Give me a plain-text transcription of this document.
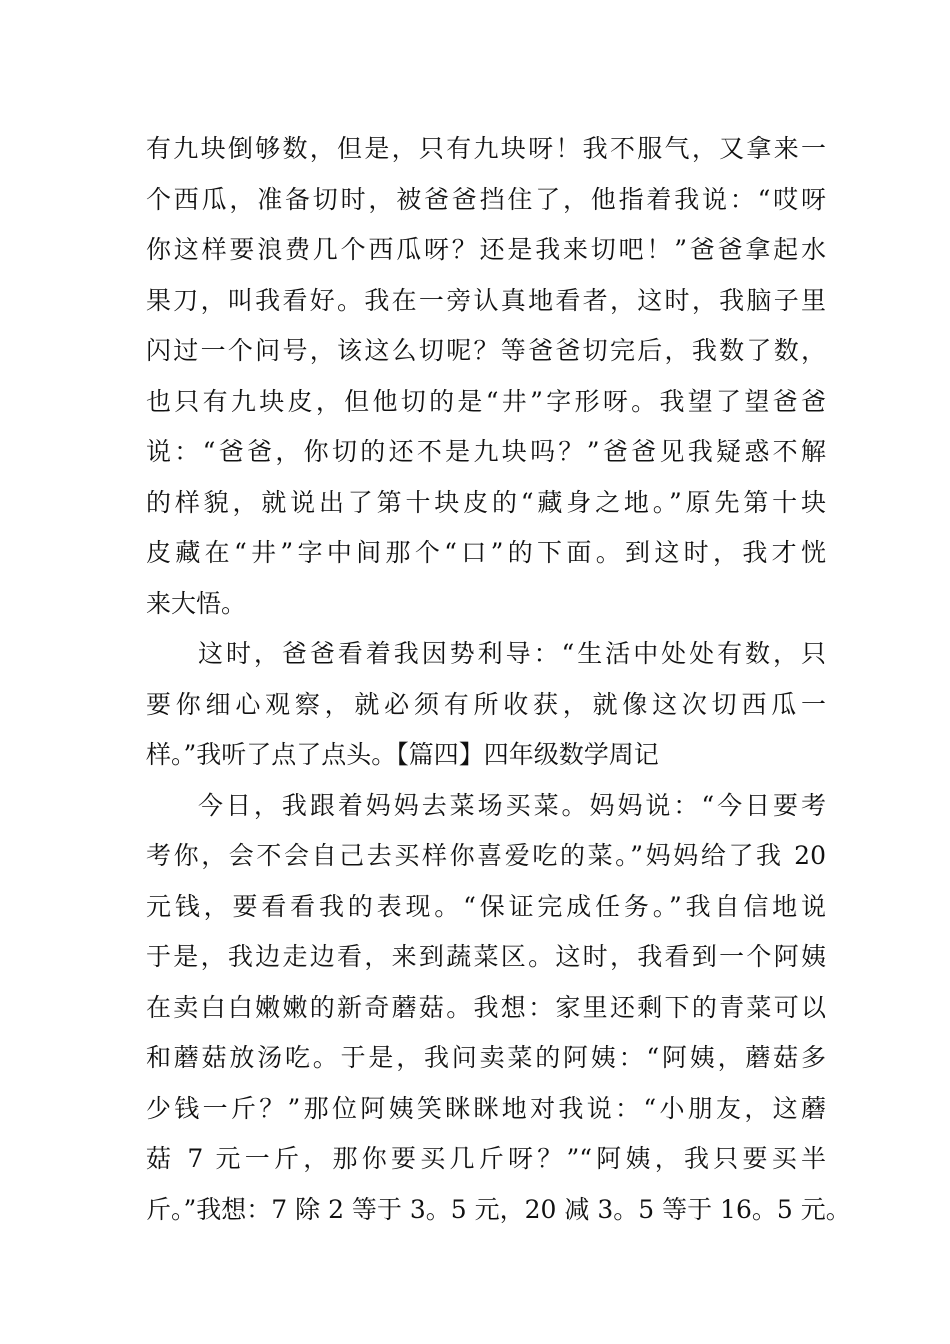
有九块倒够数，但是，只有九块呀！我不服气，又拿来一
个西瓜，准备切时，被爸爸挡住了，他指着我说：“哎呀
你这样要浪费几个西瓜呀？还是我来切吧！”爸爸拿起水
果刀，叫我看好。我在一旁认真地看者，这时，我脑子里
闪过一个问号，该这么切呢？等爸爸切完后，我数了数，
也只有九块皮，但他切的是“井”字形呀。我望了望爸爸
说：“爸爸，你切的还不是九块吗？”爸爸见我疑惑不解
的样貌，就说出了第十块皮的“藏身之地。”原先第十块
皮藏在“井”字中间那个“口”的下面。到这时，我才恍
来大悟。
这时，爸爸看着我因势利导：“生活中处处有数，只
要你细心观察，就必须有所收获，就像这次切西瓜一
样。”我听了点了点头。【篇四】四年级数学周记
今日，我跟着妈妈去菜场买菜。妈妈说：“今日要考
考你，会不会自己去买样你喜爱吃的菜。”妈妈给了我 20
元钱，要看看我的表现。“保证完成任务。”我自信地说
于是，我边走边看，来到蔬菜区。这时，我看到一个阿姨
在卖白白嫩嫩的新奇蘑菇。我想：家里还剩下的青菜可以
和蘑菇放汤吃。于是，我问卖菜的阿姨：“阿姨，蘑菇多
少钱一斤？”那位阿姨笑眯眯地对我说：“小朋友，这蘑
菇 7 元一斤，那你要买几斤呀？”“阿姨，我只要买半
斤。”我想：7 除 2 等于 3。5 元，20 减 3。5 等于 16。5 元。
